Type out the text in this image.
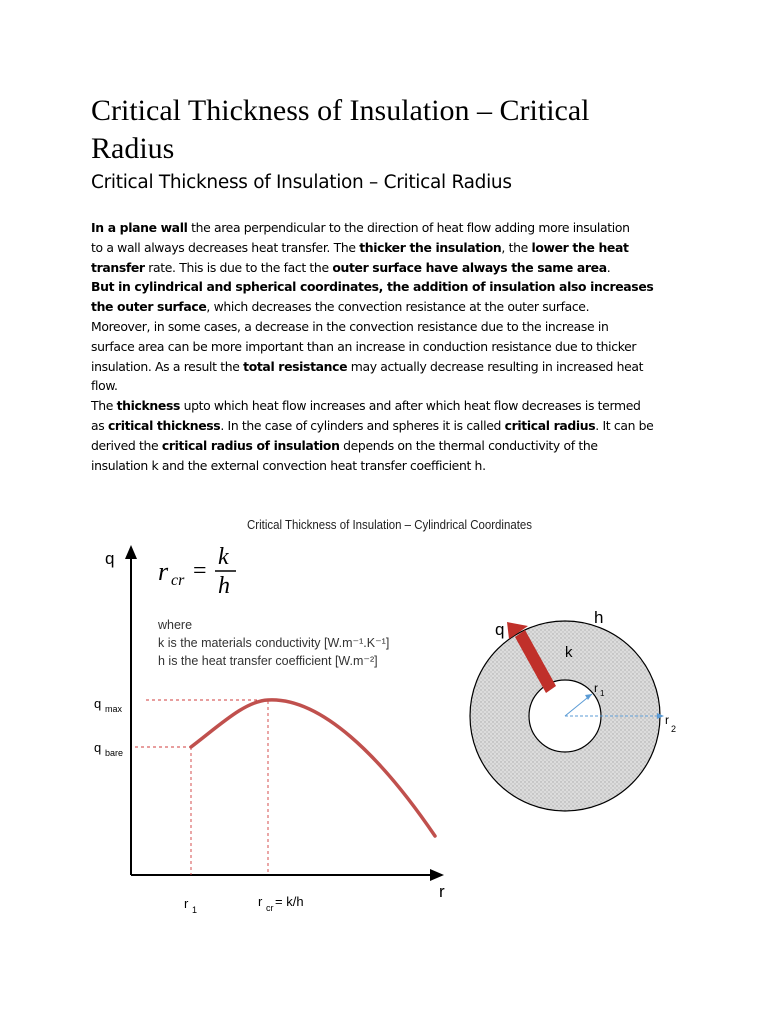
Critical Thickness of Insulation – Critical
Radius
Critical Thickness of Insulation – Critical Radius
In a plane wall the area perpendicular to the direction of heat flow adding more insulation
to a wall always decreases heat transfer. The thicker the insulation, the lower the heat
transfer rate. This is due to the fact the outer surface have always the same area.
But in cylindrical and spherical coordinates, the addition of insulation also increases
the outer surface, which decreases the convection resistance at the outer surface.
Moreover, in some cases, a decrease in the convection resistance due to the increase in
surface area can be more important than an increase in conduction resistance due to thicker
insulation. As a result the total resistance may actually decrease resulting in increased heat
flow.
The thickness upto which heat flow increases and after which heat flow decreases is termed
as critical thickness. In the case of cylinders and spheres it is called critical radius. It can be
derived the critical radius of insulation depends on the thermal conductivity of the
insulation k and the external convection heat transfer coefficient h.
Critical Thickness of Insulation – Cylindrical Coordinates
q
r
r cr =
k
h
where
k is the materials conductivity [W.m⁻¹.K⁻¹]
h is the heat transfer coefficient [W.m⁻²]
q max
q bare
r 1
r cr = k/h
q
h
k
r 1
r
2
